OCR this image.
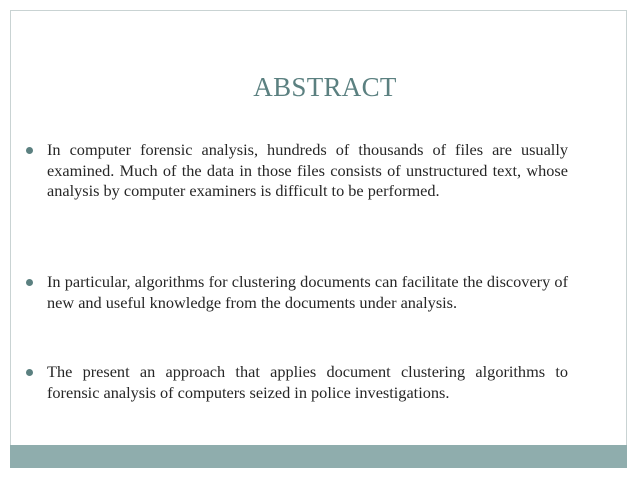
ABSTRACT
In computer forensic analysis, hundreds of thousands of files are usually examined. Much of the data in those files consists of unstructured text, whose analysis by computer examiners is difficult to be performed.
In particular, algorithms for clustering documents can facilitate the discovery of new and useful knowledge from the documents under analysis.
The present an approach that applies document clustering algorithms to forensic analysis of computers seized in police investigations.
